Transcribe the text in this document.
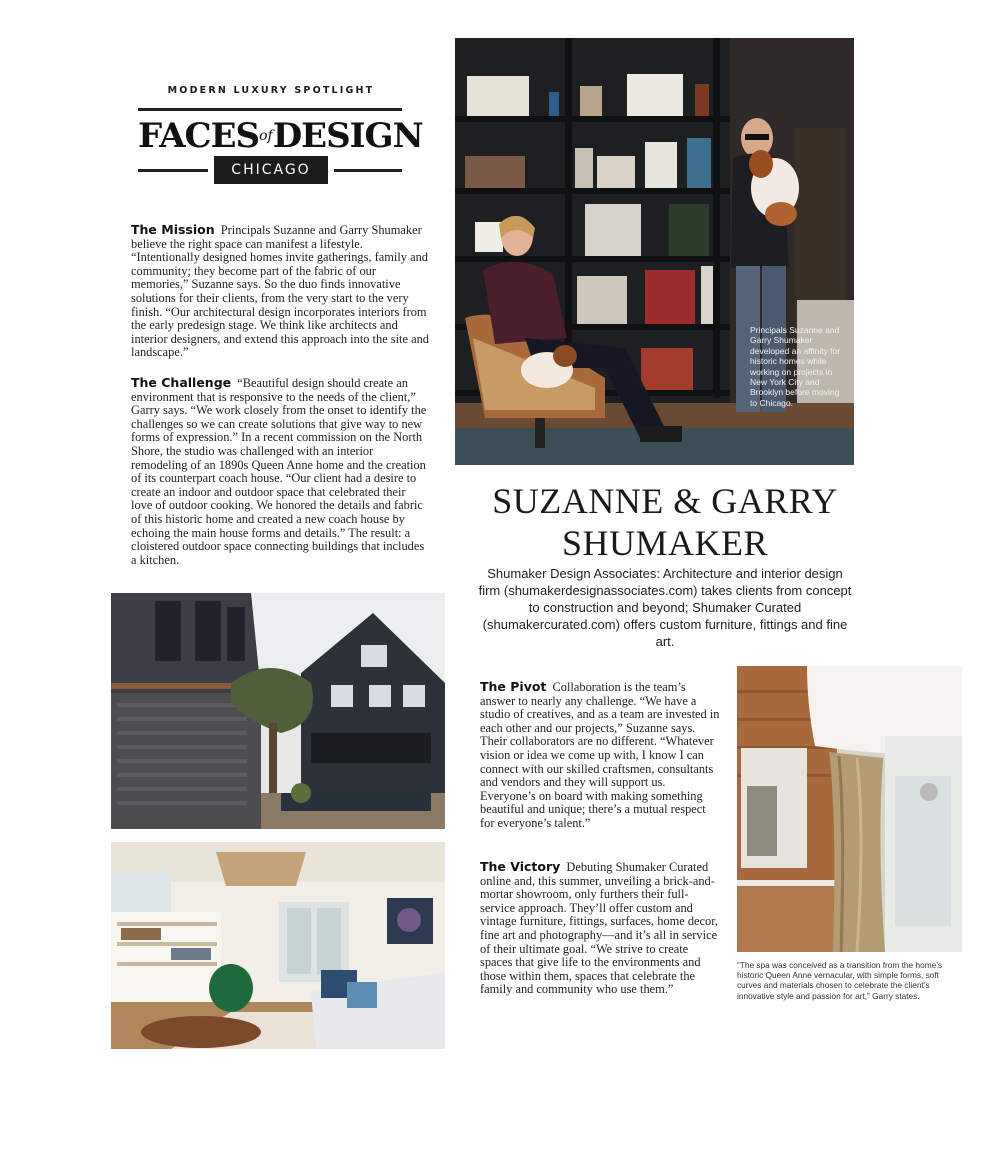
MODERN LUXURY SPOTLIGHT
$FACES^{of}DESIGN$
CHICAGO

The Mission Principals Suzanne and Garry Shumaker believe the right space can manifest a lifestyle. “Intentionally designed homes invite gatherings, family and community; they become part of the fabric of our memories,” Suzanne says. So the duo finds innovative solutions for their clients, from the very start to the very finish. “Our architectural design incorporates interiors from the early predesign stage. We think like architects and interior designers, and extend this approach into the site and landscape.”

The Challenge “Beautiful design should create an environment that is responsive to the needs of the client,” Garry says. “We work closely from the onset to identify the challenges so we can create solutions that give way to new forms of expression.” In a recent commission on the North Shore, the studio was challenged with an interior remodeling of an 1890s Queen Anne home and the creation of its counterpart coach house. “Our client had a desire to create an indoor and outdoor space that celebrated their love of outdoor cooking. We honored the details and fabric of this historic home and created a new coach house by echoing the main house forms and details.” The result: a cloistered outdoor space connecting buildings that includes a kitchen.

Principals Suzanne and Garry Shumaker developed an affinity for historic homes while working on projects in New York City and Brooklyn before moving to Chicago.
SUZANNE & GARRY
SHUMAKER
Shumaker Design Associates: Architecture and interior design firm (shumakerdesignassociates.com) takes clients from concept to construction and beyond; Shumaker Curated (shumakercurated.com) offers custom furniture, fittings and fine art.

The Pivot Collaboration is the team’s answer to nearly any challenge. “We have a studio of creatives, and as a team are invested in each other and our projects,” Suzanne says. Their collaborators are no different. “Whatever vision or idea we come up with, I know I can connect with our skilled craftsmen, consultants and vendors and they will support us. Everyone’s on board with making something beautiful and unique; there’s a mutual respect for everyone’s talent.”

The Victory Debuting Shumaker Curated online and, this summer, unveiling a brick-and-mortar showroom, only furthers their full-service approach. They’ll offer custom and vintage furniture, fittings, surfaces, home decor, fine art and photography—and it’s all in service of their ultimate goal. “We strive to create spaces that give life to the environments and those within them, spaces that celebrate the family and community who use them.”

“The spa was conceived as a transition from the home’s historic Queen Anne vernacular, with simple forms, soft curves and materials chosen to celebrate the client’s innovative style and passion for art,” Garry states.
